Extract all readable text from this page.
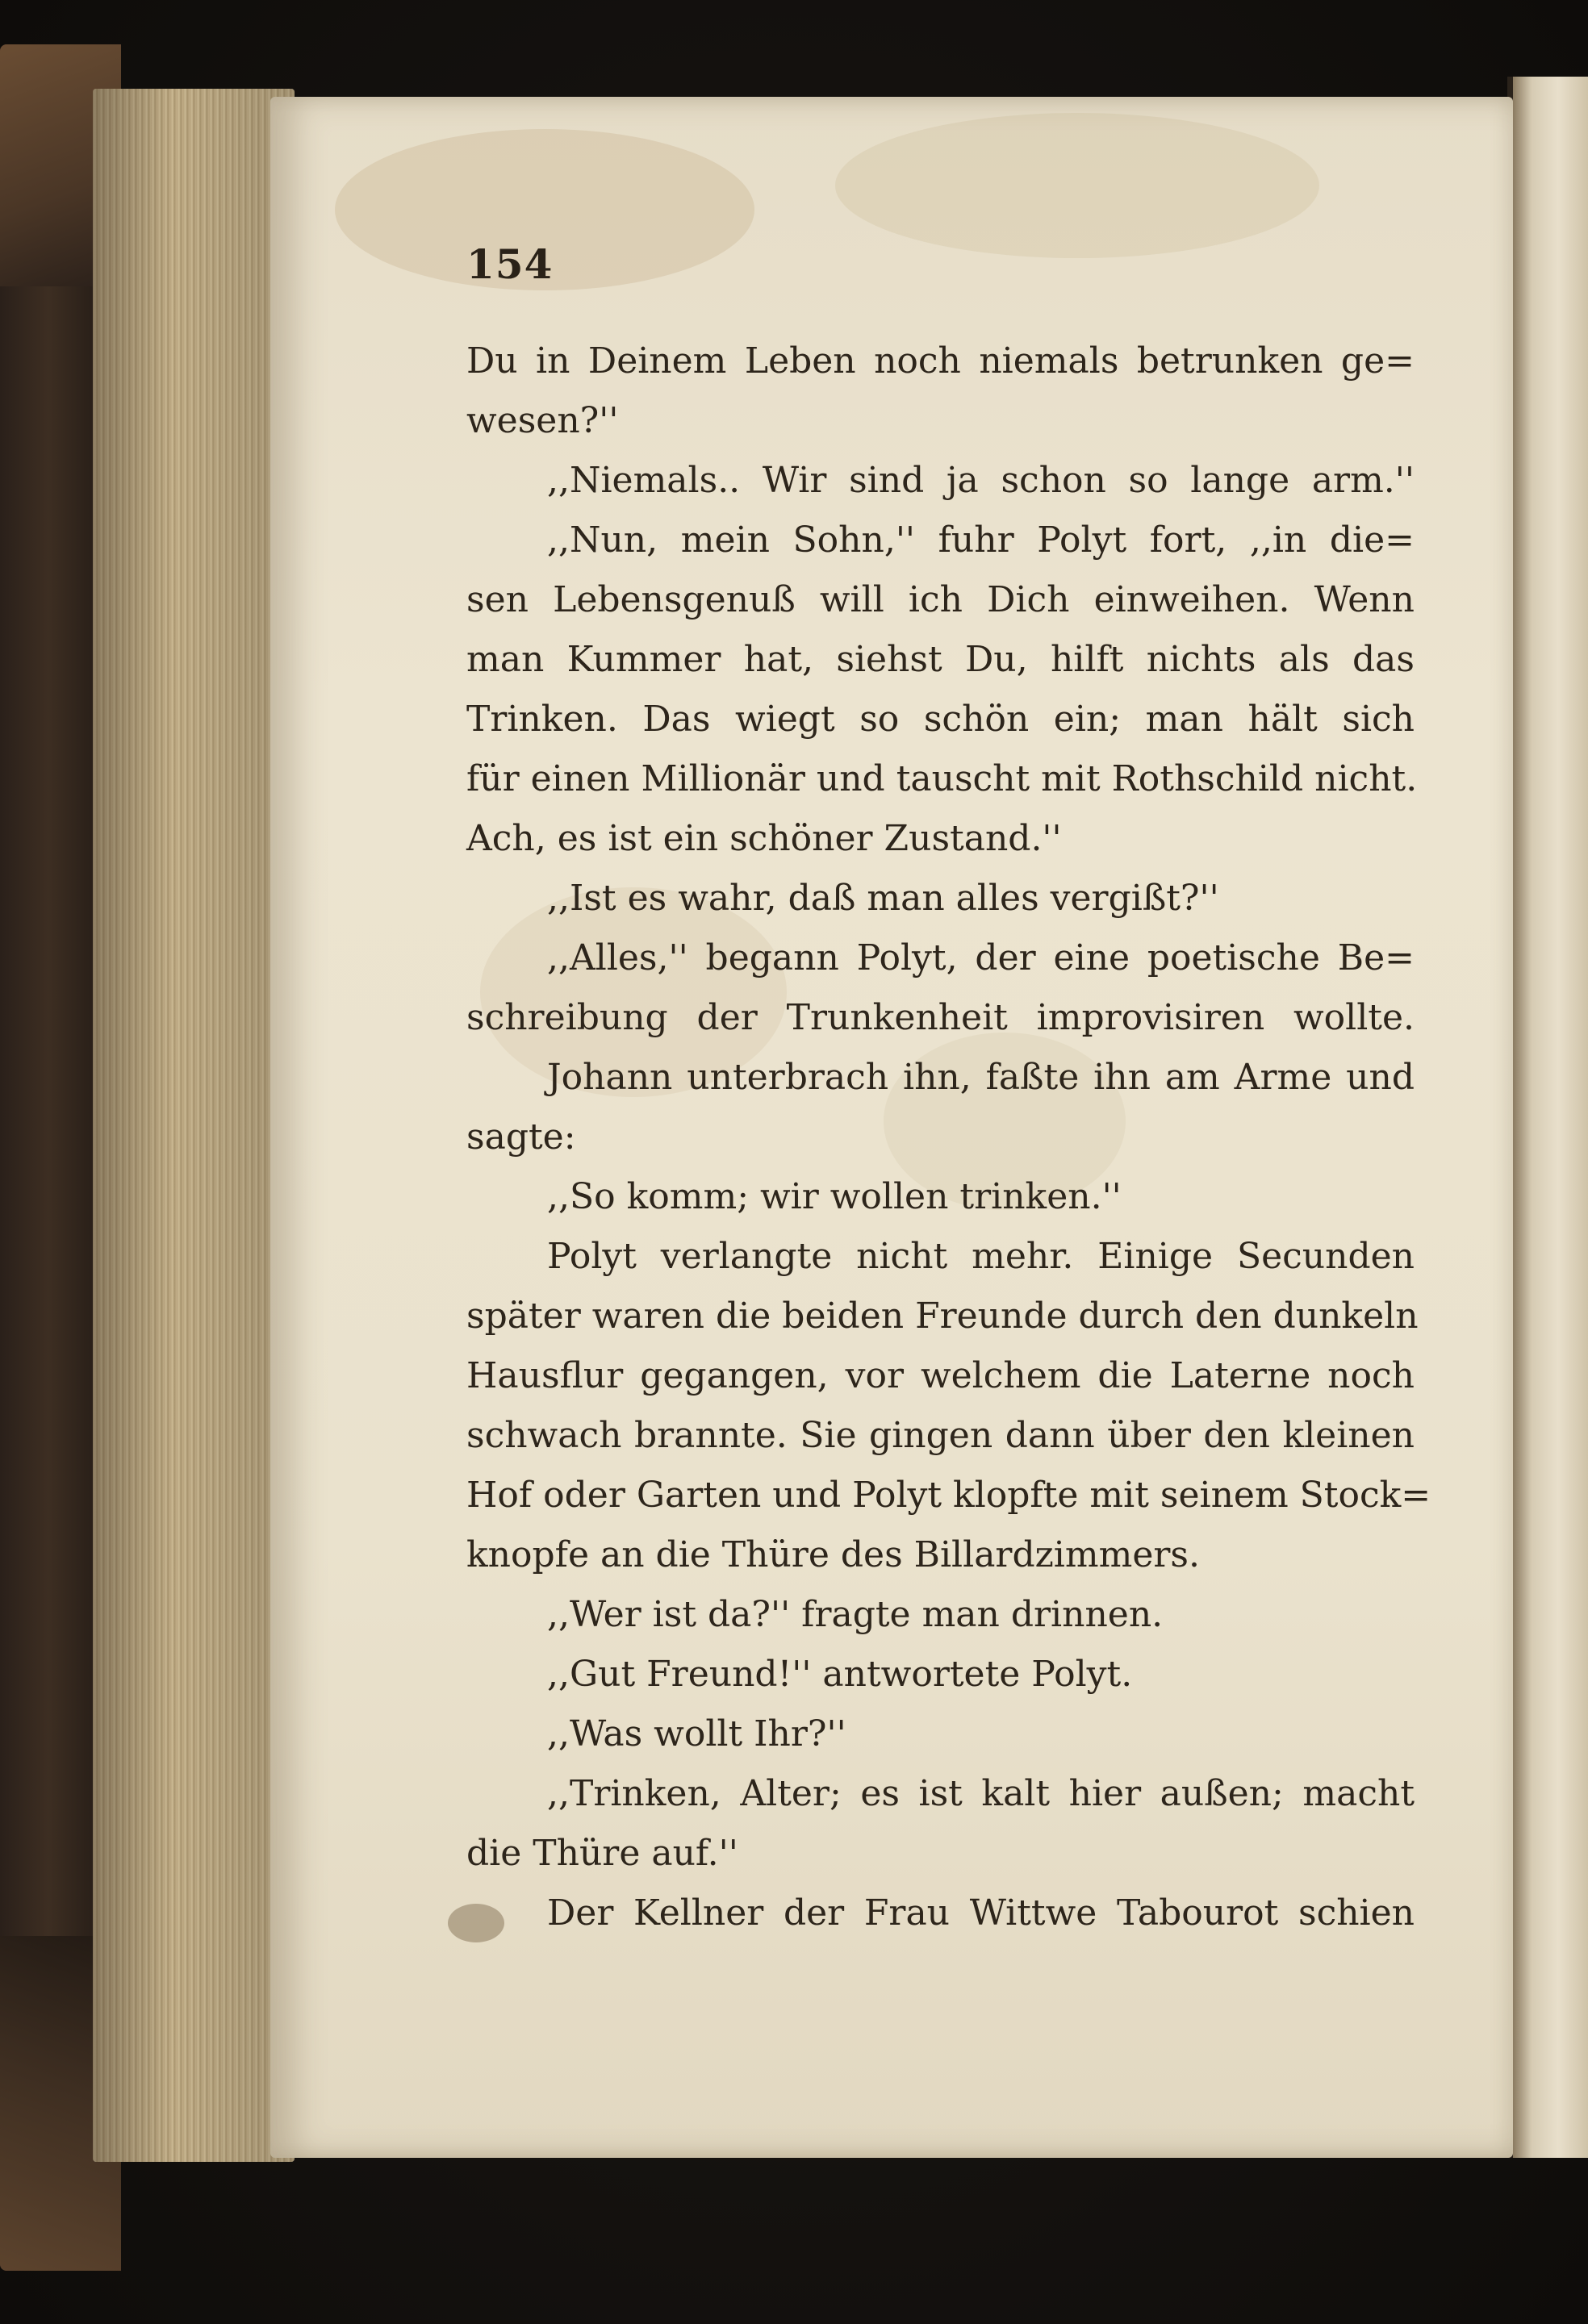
154
Du in Deinem Leben noch niemals betrunken ge=
wesen?''
,,Niemals.. Wir sind ja schon so lange arm.''
,,Nun, mein Sohn,'' fuhr Polyt fort, ,,in die=
sen Lebensgenuß will ich Dich einweihen. Wenn
man Kummer hat, siehst Du, hilft nichts als das
Trinken. Das wiegt so schön ein; man hält sich
für einen Millionär und tauscht mit Rothschild nicht.
Ach, es ist ein schöner Zustand.''
,,Ist es wahr, daß man alles vergißt?''
,,Alles,'' begann Polyt, der eine poetische Be=
schreibung der Trunkenheit improvisiren wollte.
Johann unterbrach ihn, faßte ihn am Arme und
sagte:
,,So komm; wir wollen trinken.''
Polyt verlangte nicht mehr. Einige Secunden
später waren die beiden Freunde durch den dunkeln
Hausflur gegangen, vor welchem die Laterne noch
schwach brannte. Sie gingen dann über den kleinen
Hof oder Garten und Polyt klopfte mit seinem Stock=
knopfe an die Thüre des Billardzimmers.
,,Wer ist da?'' fragte man drinnen.
,,Gut Freund!'' antwortete Polyt.
,,Was wollt Ihr?''
,,Trinken, Alter; es ist kalt hier außen; macht
die Thüre auf.''
Der Kellner der Frau Wittwe Tabourot schien
